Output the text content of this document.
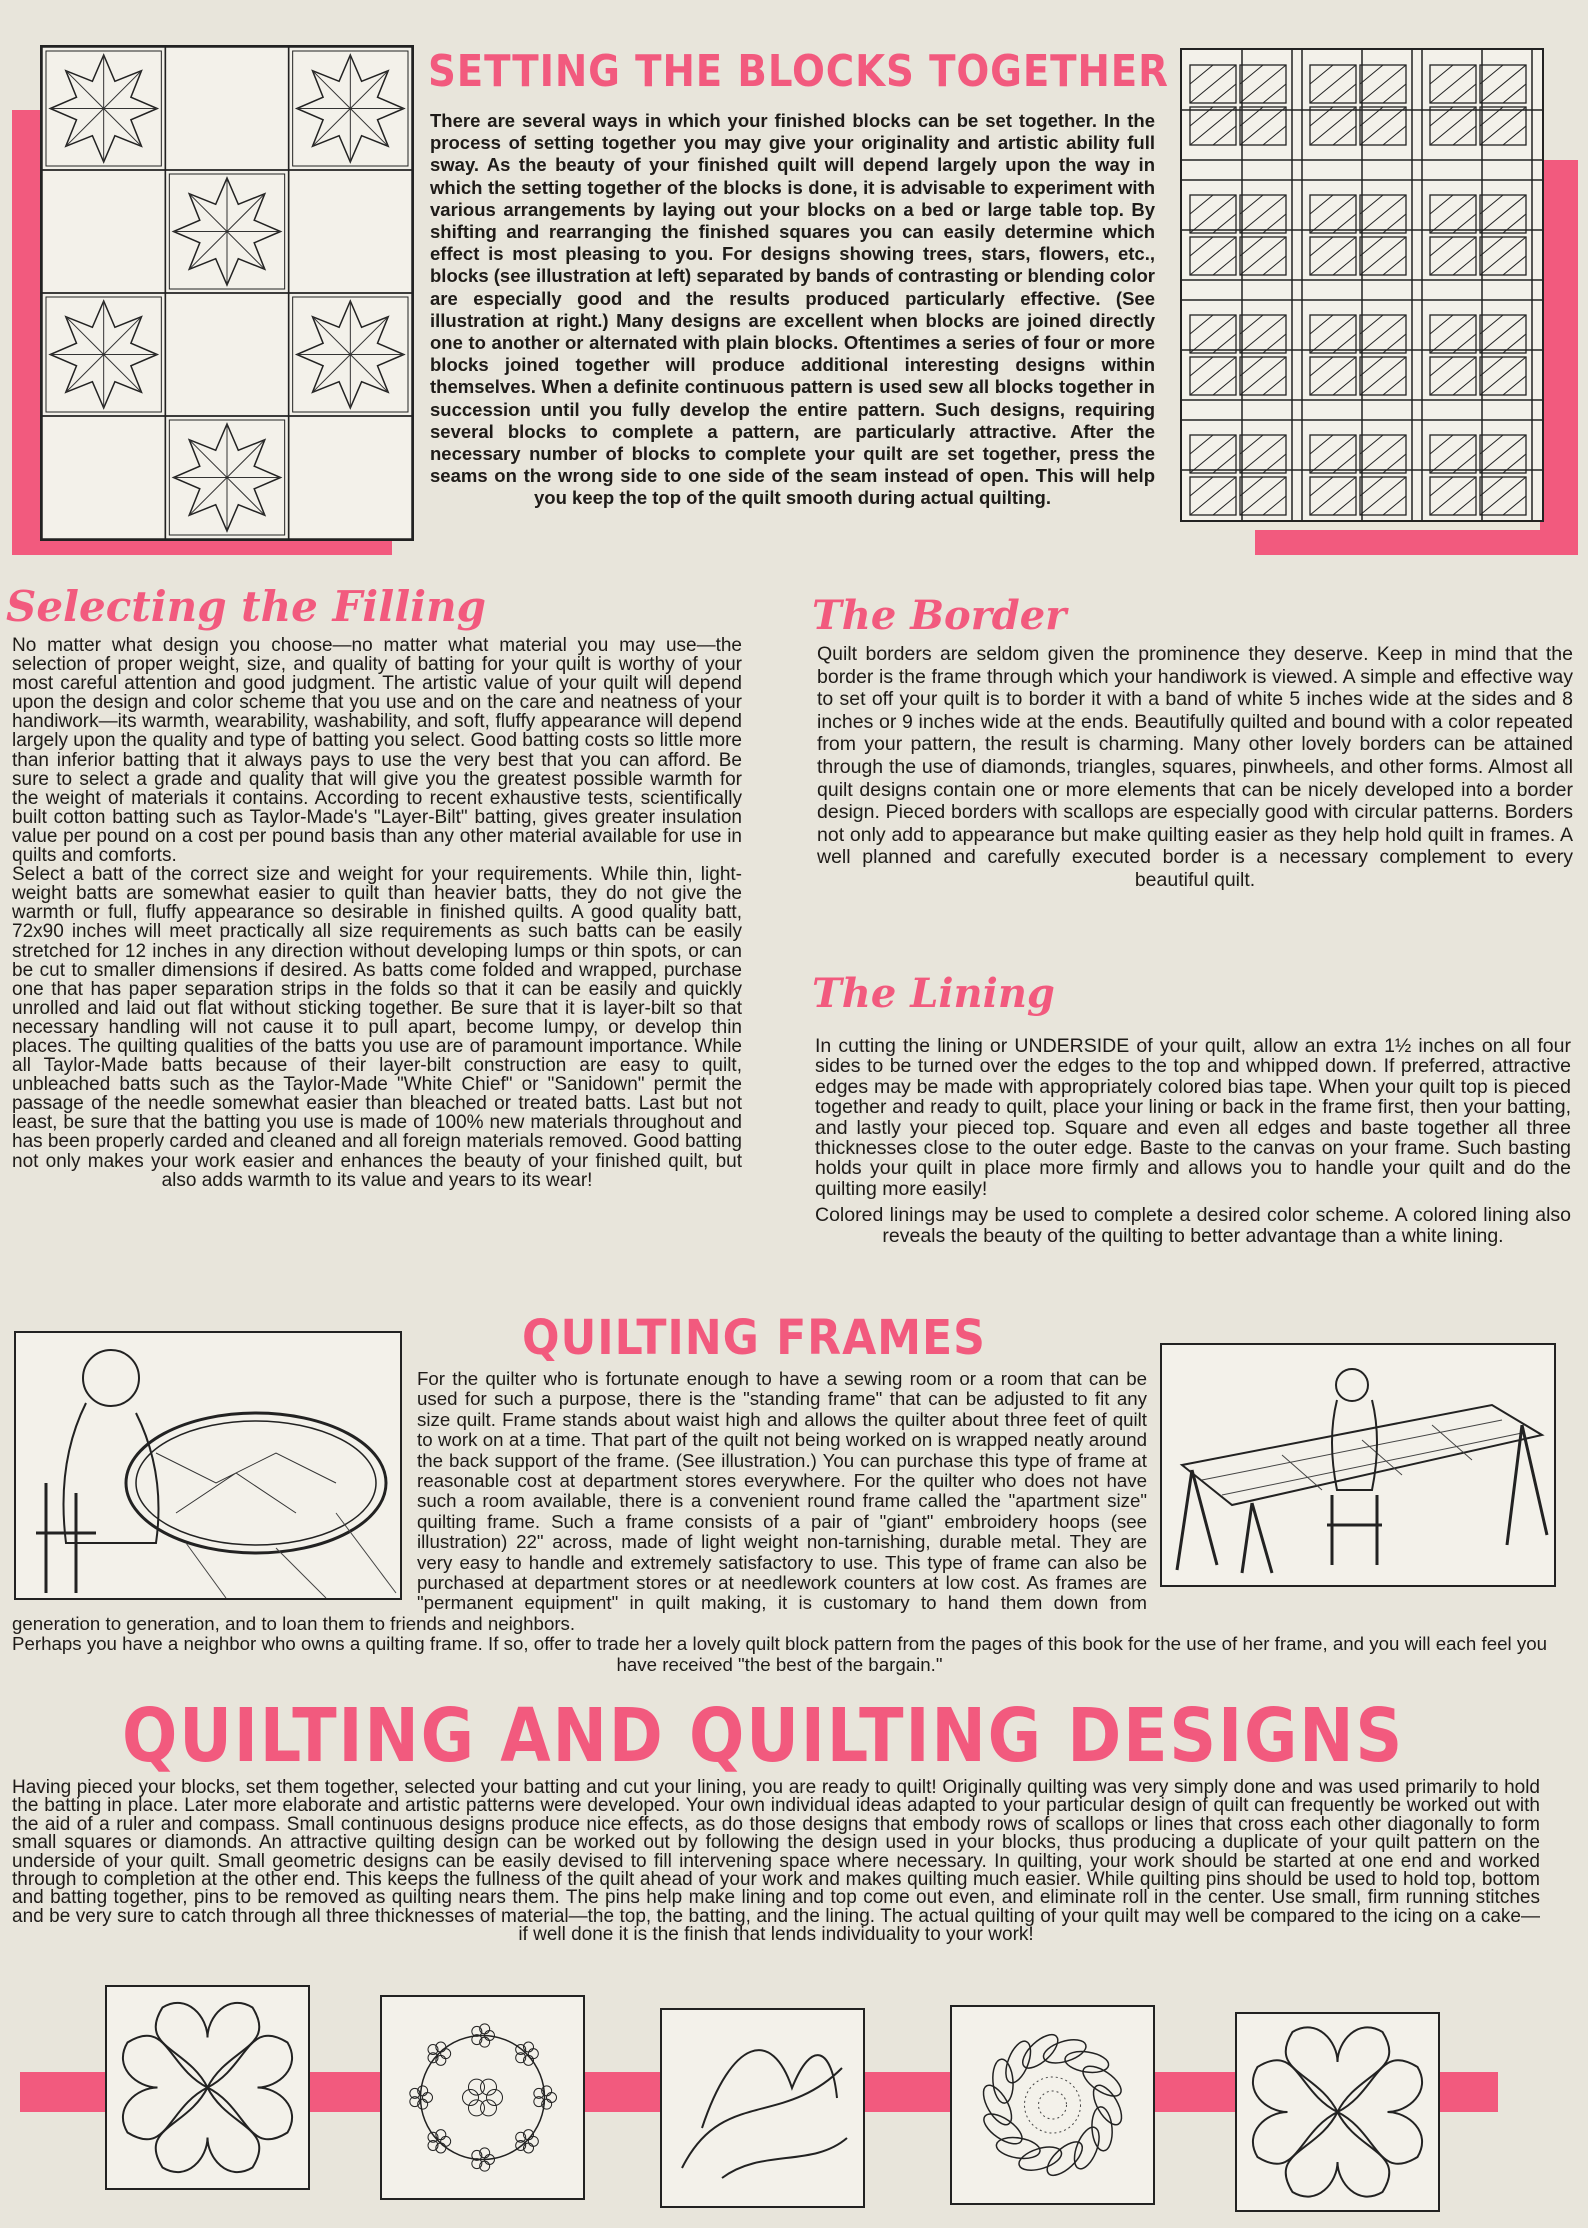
SETTING THE BLOCKS TOGETHER
There are several ways in which your finished blocks can be set together. In the process of setting together you may give your originality and artistic ability full sway. As the beauty of your finished quilt will depend largely upon the way in which the setting together of the blocks is done, it is advisable to experiment with various arrangements by laying out your blocks on a bed or large table top. By shifting and rearranging the finished squares you can easily determine which effect is most pleasing to you. For designs showing trees, stars, flowers, etc., blocks (see illustration at left) separated by bands of contrasting or blending color are especially good and the results produced particularly effective. (See illustration at right.) Many designs are excellent when blocks are joined directly one to another or alternated with plain blocks. Oftentimes a series of four or more blocks joined together will produce additional interesting designs within themselves. When a definite continuous pattern is used sew all blocks together in succession until you fully develop the entire pattern. Such designs, requiring several blocks to complete a pattern, are particularly attractive. After the necessary number of blocks to complete your quilt are set together, press the seams on the wrong side to one side of the seam instead of open. This will help you keep the top of the quilt smooth during actual quilting.
Selecting the Filling

No matter what design you choose—no matter what material you may use—the selection of proper weight, size, and quality of batting for your quilt is worthy of your most careful attention and good judgment. The artistic value of your quilt will depend upon the design and color scheme that you use and on the care and neatness of your handiwork—its warmth, wearability, washability, and soft, fluffy appearance will depend largely upon the quality and type of batting you select. Good batting costs so little more than inferior batting that it always pays to use the very best that you can afford. Be sure to select a grade and quality that will give you the greatest possible warmth for the weight of materials it contains. According to recent exhaustive tests, scientifically built cotton batting such as Taylor-Made's "Layer-Bilt" batting, gives greater insulation value per pound on a cost per pound basis than any other material available for use in quilts and comforts.

Select a batt of the correct size and weight for your requirements. While thin, light-weight batts are somewhat easier to quilt than heavier batts, they do not give the warmth or full, fluffy appearance so desirable in finished quilts. A good quality batt, 72x90 inches will meet practically all size requirements as such batts can be easily stretched for 12 inches in any direction without developing lumps or thin spots, or can be cut to smaller dimensions if desired. As batts come folded and wrapped, purchase one that has paper separation strips in the folds so that it can be easily and quickly unrolled and laid out flat without sticking together. Be sure that it is layer-bilt so that necessary handling will not cause it to pull apart, become lumpy, or develop thin places. The quilting qualities of the batts you use are of paramount importance. While all Taylor-Made batts because of their layer-bilt construction are easy to quilt, unbleached batts such as the Taylor-Made "White Chief" or "Sanidown" permit the passage of the needle somewhat easier than bleached or treated batts. Last but not least, be sure that the batting you use is made of 100% new materials throughout and has been properly carded and cleaned and all foreign materials removed. Good batting not only makes your work easier and enhances the beauty of your finished quilt, but also adds warmth to its value and years to its wear!

The Border
Quilt borders are seldom given the prominence they deserve. Keep in mind that the border is the frame through which your handiwork is viewed. A simple and effective way to set off your quilt is to border it with a band of white 5 inches wide at the sides and 8 inches or 9 inches wide at the ends. Beautifully quilted and bound with a color repeated from your pattern, the result is charming. Many other lovely borders can be attained through the use of diamonds, triangles, squares, pinwheels, and other forms. Almost all quilt designs contain one or more elements that can be nicely developed into a border design. Pieced borders with scallops are especially good with circular patterns. Borders not only add to appearance but make quilting easier as they help hold quilt in frames. A well planned and carefully executed border is a necessary complement to every beautiful quilt.
The Lining

In cutting the lining or UNDERSIDE of your quilt, allow an extra 1½ inches on all four sides to be turned over the edges to the top and whipped down. If preferred, attractive edges may be made with appropriately colored bias tape. When your quilt top is pieced together and ready to quilt, place your lining or back in the frame first, then your batting, and lastly your pieced top. Square and even all edges and baste together all three thicknesses close to the outer edge. Baste to the canvas on your frame. Such basting holds your quilt in place more firmly and allows you to handle your quilt and do the quilting more easily!

Colored linings may be used to complete a desired color scheme. A colored lining also reveals the beauty of the quilting to better advantage than a white lining.

QUILTING FRAMES

For the quilter who is fortunate enough to have a sewing room or a room that can be used for such a purpose, there is the "standing frame" that can be adjusted to fit any size quilt. Frame stands about waist high and allows the quilter about three feet of quilt to work on at a time. That part of the quilt not being worked on is wrapped neatly around the back support of the frame. (See illustration.) You can purchase this type of frame at reasonable cost at department stores everywhere. For the quilter who does not have such a room available, there is a convenient round frame called the "apartment size" quilting frame. Such a frame consists of a pair of "giant" embroidery hoops (see illustration) 22" across, made of light weight non-tarnishing, durable metal. They are very easy to handle and extremely satisfactory to use. This type of frame can also be purchased at department stores or at needlework counters at low cost. As frames are "permanent equipment" in quilt making, it is customary to hand them down from generation to generation, and to loan them to friends and neighbors.

Perhaps you have a neighbor who owns a quilting frame. If so, offer to trade her a lovely quilt block pattern from the pages of this book for the use of her frame, and you will each feel you have received "the best of the bargain."

QUILTING AND QUILTING DESIGNS
Having pieced your blocks, set them together, selected your batting and cut your lining, you are ready to quilt! Originally quilting was very simply done and was used primarily to hold the batting in place. Later more elaborate and artistic patterns were developed. Your own individual ideas adapted to your particular design of quilt can frequently be worked out with the aid of a ruler and compass. Small continuous designs produce nice effects, as do those designs that embody rows of scallops or lines that cross each other diagonally to form small squares or diamonds. An attractive quilting design can be worked out by following the design used in your blocks, thus producing a duplicate of your quilt pattern on the underside of your quilt. Small geometric designs can be easily devised to fill intervening space where necessary. In quilting, your work should be started at one end and worked through to completion at the other end. This keeps the fullness of the quilt ahead of your work and makes quilting much easier. While quilting pins should be used to hold top, bottom and batting together, pins to be removed as quilting nears them. The pins help make lining and top come out even, and eliminate roll in the center. Use small, firm running stitches and be very sure to catch through all three thicknesses of material—the top, the batting, and the lining. The actual quilting of your quilt may well be compared to the icing on a cake—if well done it is the finish that lends individuality to your work!
